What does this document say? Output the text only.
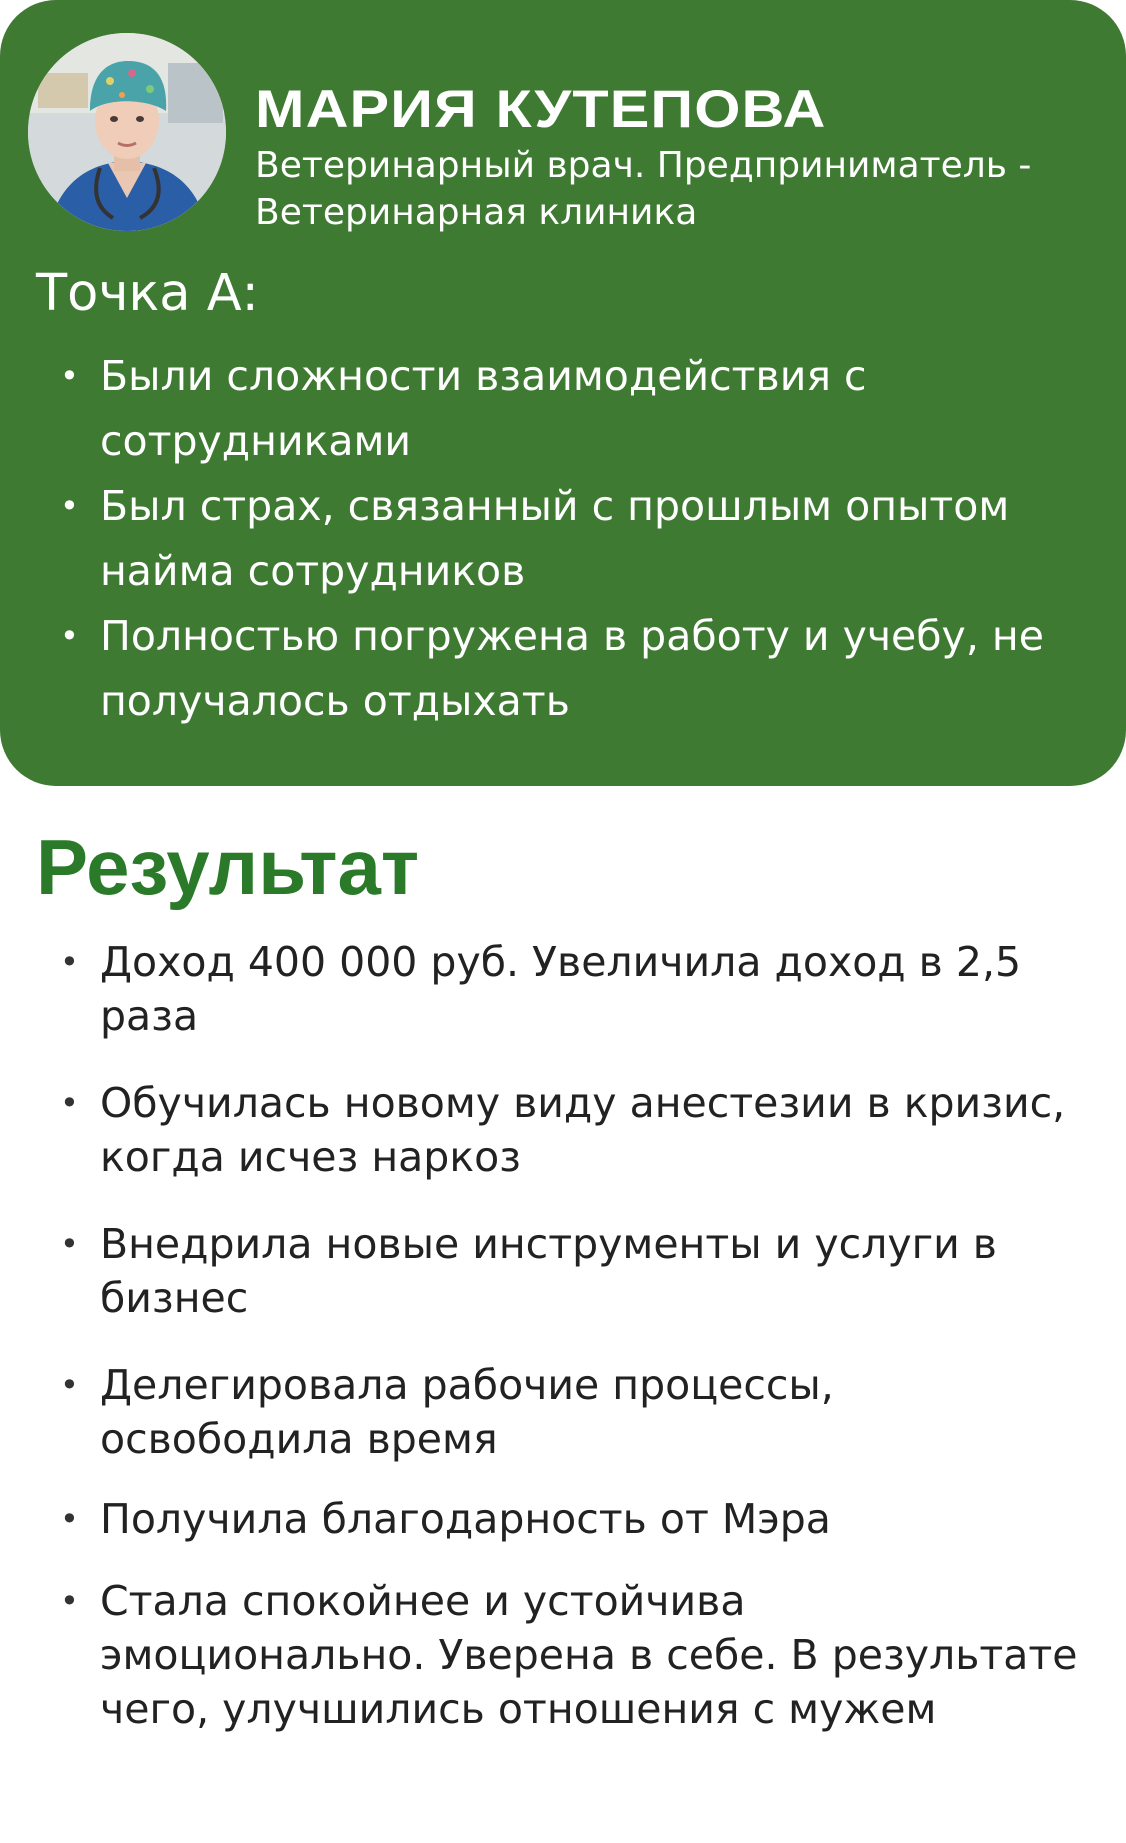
МАРИЯ КУТЕПОВА
Ветеринарный врач. Предприниматель - Ветеринарная клиника
Точка А:
• Были сложности взаимодействия с сотрудниками
• Был страх, связанный с прошлым опытом найма сотрудников
• Полностью погружена в работу и учебу, не получалось отдыхать
Результат
• Доход 400 000 руб. Увеличила доход в 2,5 раза
• Обучилась новому виду анестезии в кризис, когда исчез наркоз
• Внедрила новые инструменты и услуги в бизнес
• Делегировала рабочие процессы, освободила время
• Получила благодарность от Мэра
• Стала спокойнее и устойчива эмоционально. Уверена в себе. В результате чего, улучшились отношения с мужем
